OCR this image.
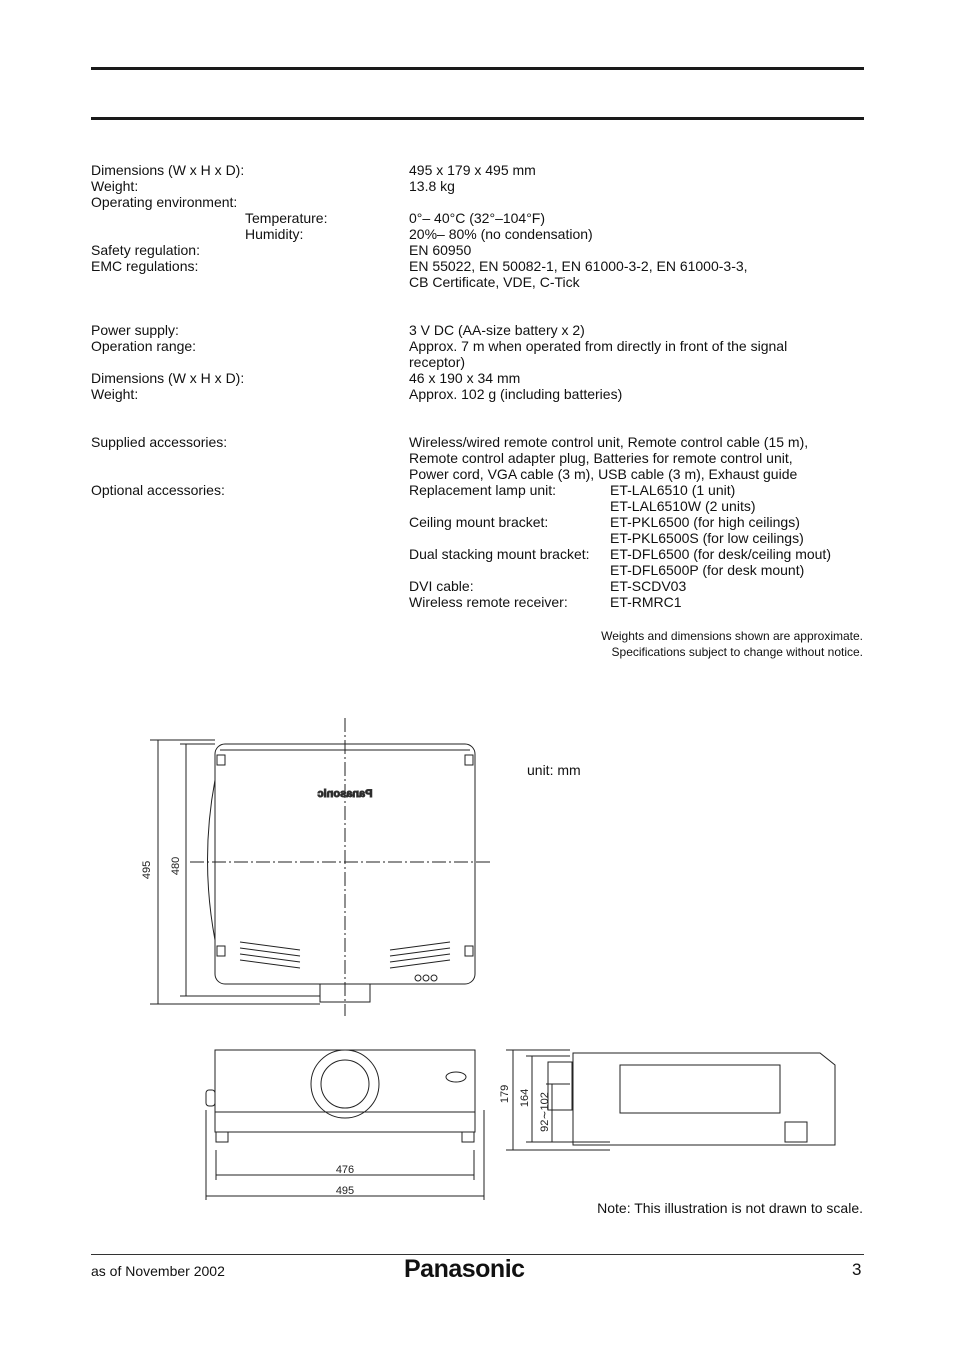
Dimensions (W x H x D):	495 x 179 x 495 mm
Weight:	13.8 kg
Operating environment:
Temperature:	0°– 40°C (32°–104°F)
Humidity:	20%– 80% (no condensation)
Safety regulation:	EN 60950
EMC regulations:	EN 55022, EN 50082-1, EN 61000-3-2, EN 61000-3-3,
CB Certificate, VDE, C-Tick
Power supply:	3 V DC (AA-size battery x 2)
Operation range:	Approx. 7 m when operated from directly in front of the signal
receptor)
Dimensions (W x H x D):	46 x 190 x 34 mm
Weight:	Approx. 102 g (including batteries)
Supplied accessories:	Wireless/wired remote control unit, Remote control cable (15 m),
Remote control adapter plug, Batteries for remote control unit,
Power cord, VGA cable (3 m), USB cable (3 m), Exhaust guide
Optional accessories:	Replacement lamp unit:	ET-LAL6510 (1 unit)
ET-LAL6510W (2 units)
Ceiling mount bracket:	ET-PKL6500 (for high ceilings)
ET-PKL6500S (for low ceilings)
Dual stacking mount bracket: ET-DFL6500 (for desk/ceiling mout)
ET-DFL6500P (for desk mount)
DVI cable:	ET-SCDV03
Wireless remote receiver:	ET-RMRC1
Weights and dimensions shown are approximate.
Specifications subject to change without notice.
Panasonic
495 480
476
495
179 164 92∼102
unit: mm
Note: This illustration is not drawn to scale.
as of November 2002	Panasonic	3
